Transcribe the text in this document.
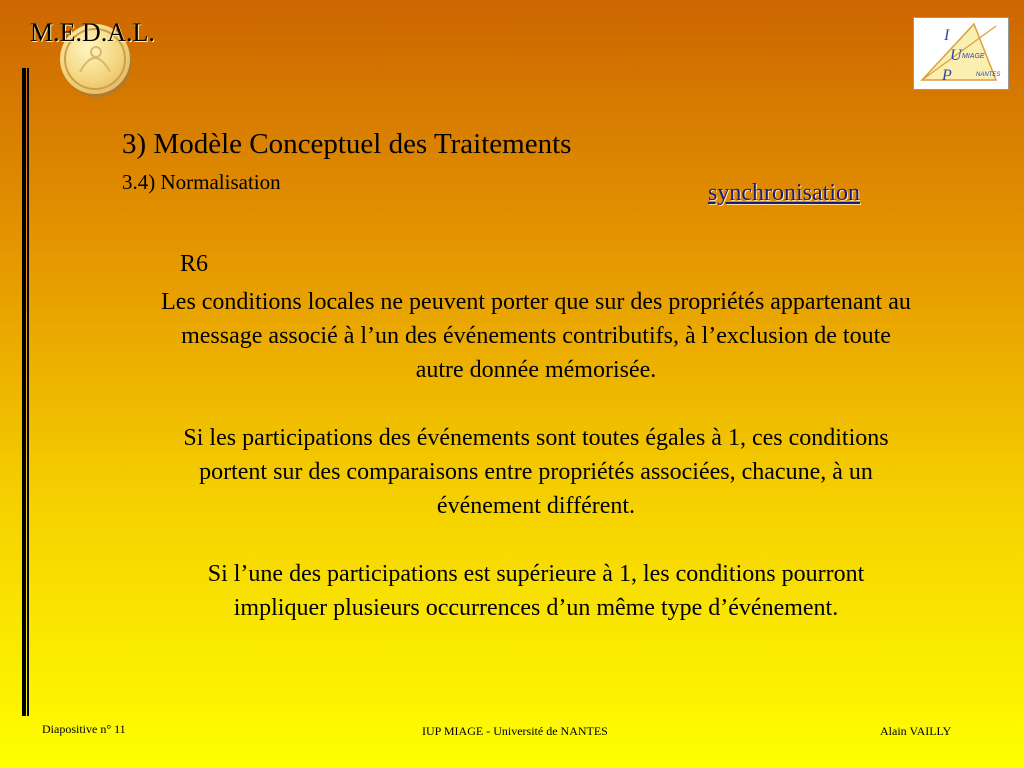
M.E.D.A.L.	I
U
P
MIAGE
NANTES
3) Modèle Conceptuel des Traitements
3.4) Normalisation	synchronisation
R6

Les conditions locales ne peuvent porter que sur des propriétés appartenant au message associé à l’un des événements contributifs, à l’exclusion de toute autre donnée mémorisée.

Si les participations des événements sont toutes égales à 1, ces conditions portent sur des comparaisons entre propriétés associées, chacune, à un événement différent.

Si l’une des participations est supérieure à 1, les conditions pourront impliquer plusieurs occurrences d’un même type d’événement.

Diapositive n° 11	IUP MIAGE - Université de NANTES	Alain VAILLY
